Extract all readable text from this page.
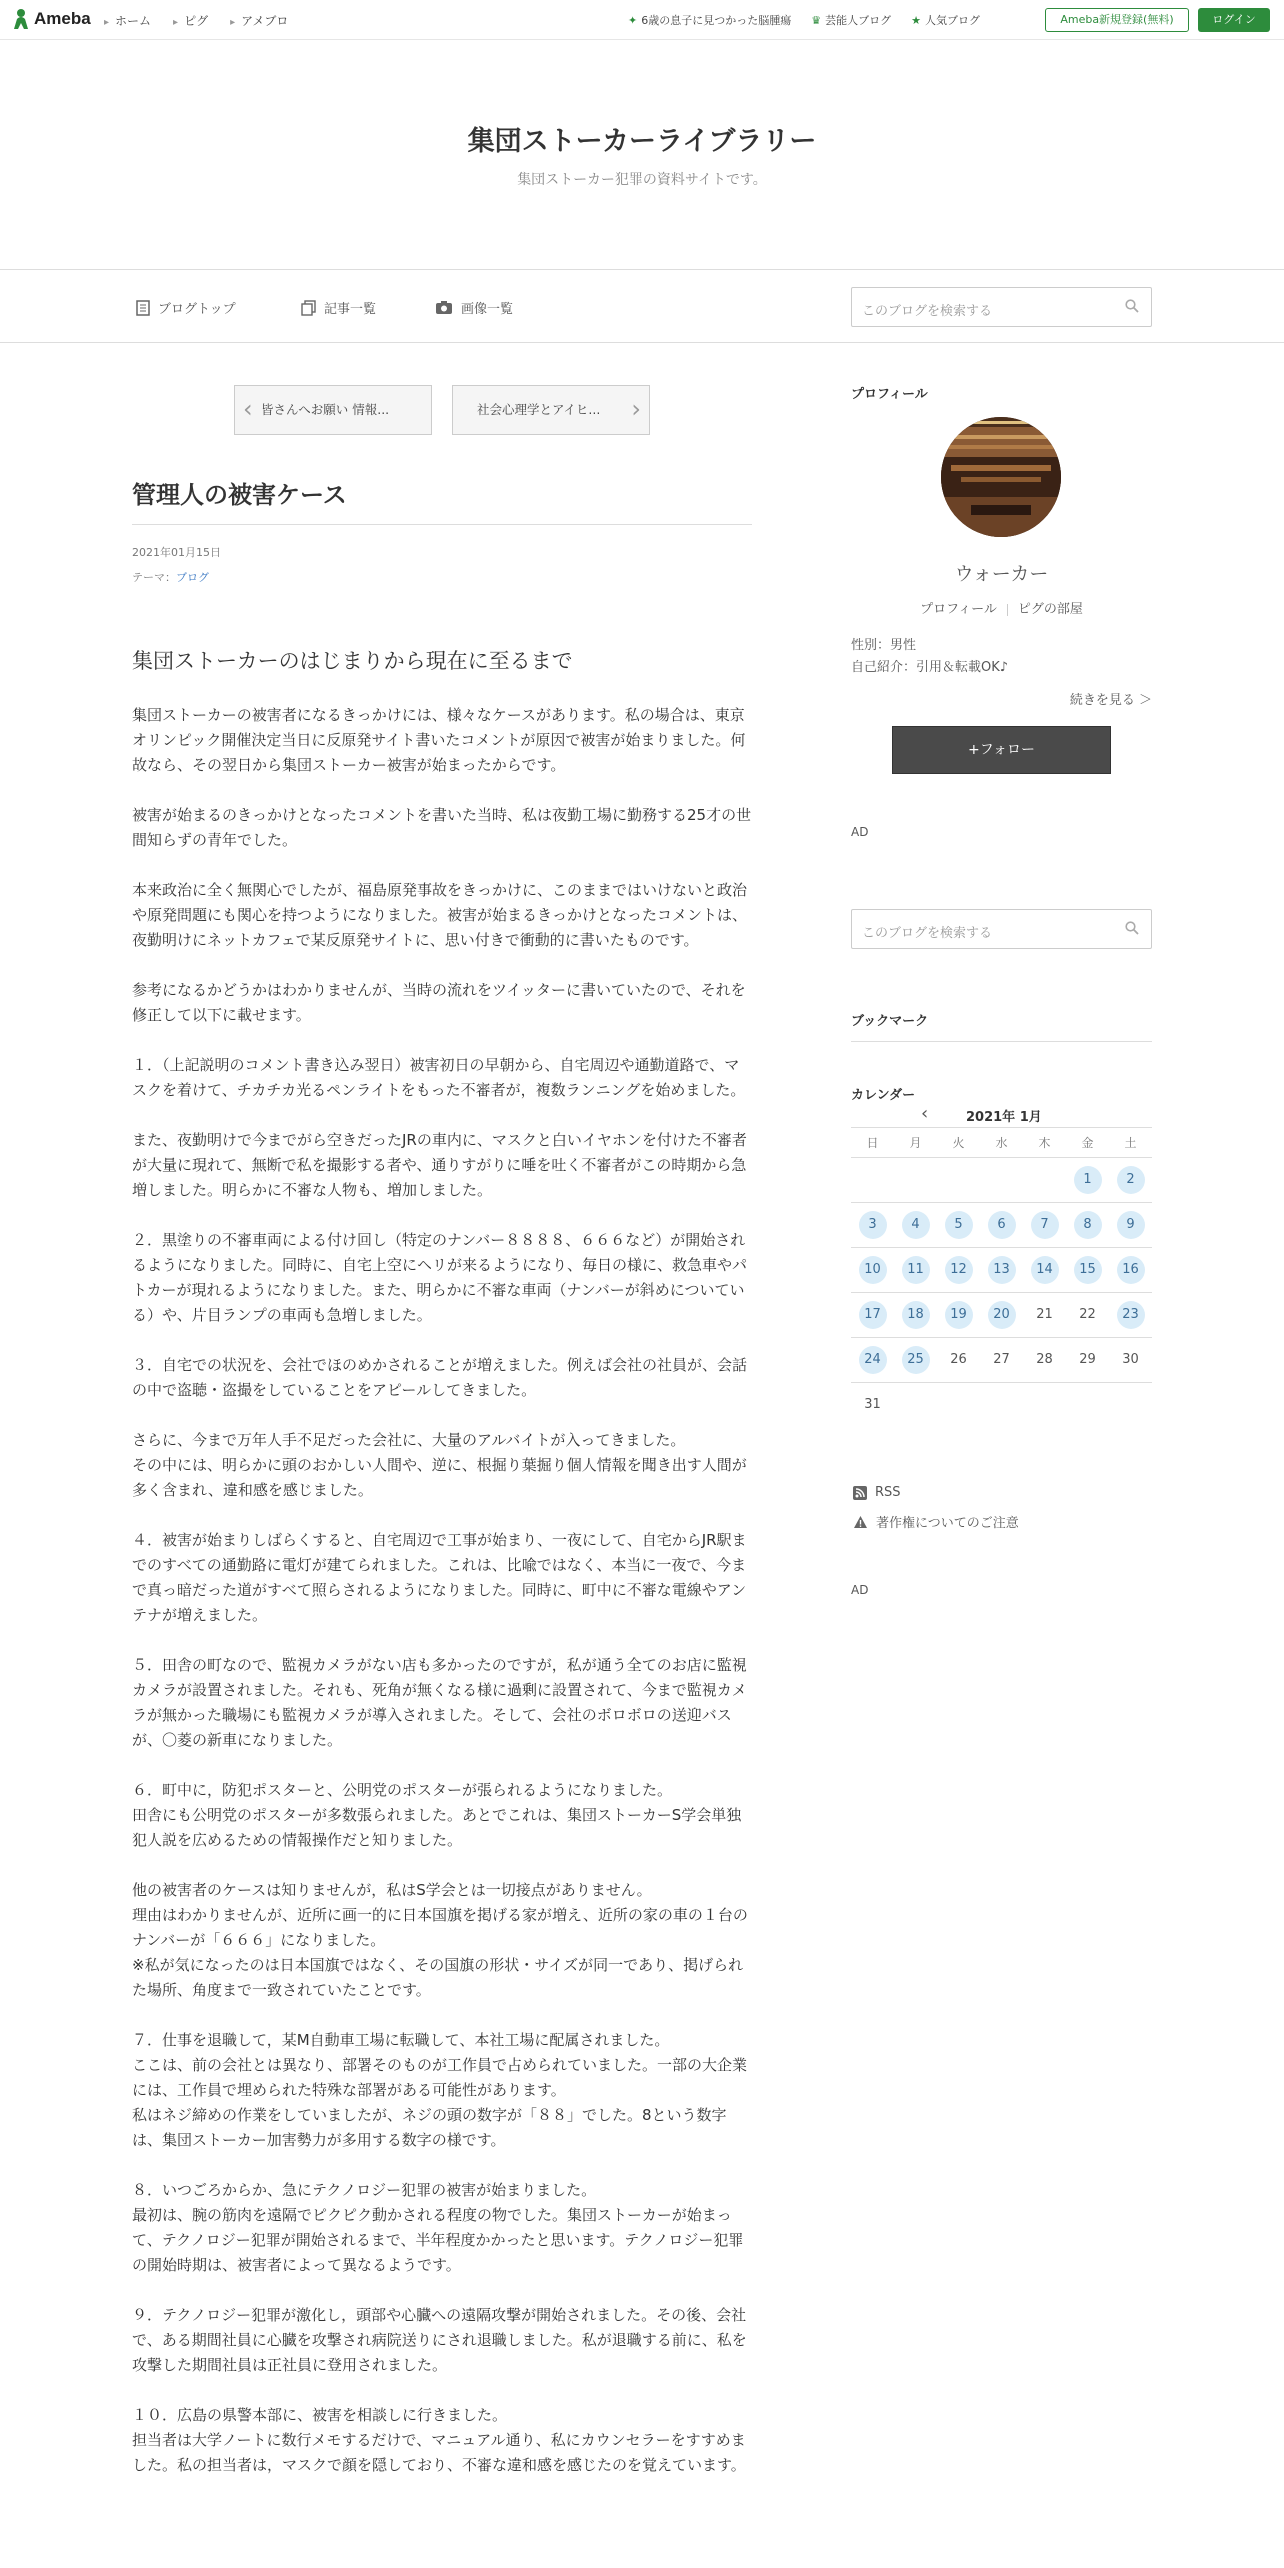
Ameba	▸ ホーム	▸ ピグ	▸ アメブロ	✦ 6歳の息子に見つかった脳腫瘍 ♛ 芸能人ブログ ★ 人気ブログ	Ameba新規登録(無料)	ログイン
集団ストーカーライブラリー
集団ストーカー犯罪の資料サイトです。
ブログトップ	記事一覧	画像一覧	このブログを検索する
‹ 皆さんへお願い 情報...	社会心理学とアイヒ... ›
管理人の被害ケース
2021年01月15日
テーマ：ブログ
集団ストーカーのはじまりから現在に至るまで

集団ストーカーの被害者になるきっかけには、様々なケースがあります。私の場合は、東京オリンピック開催決定当日に反原発サイト書いたコメントが原因で被害が始まりました。何故なら、その翌日から集団ストーカー被害が始まったからです。

被害が始まるのきっかけとなったコメントを書いた当時、私は夜勤工場に勤務する25才の世間知らずの青年でした。

本来政治に全く無関心でしたが、福島原発事故をきっかけに、このままではいけないと政治や原発問題にも関心を持つようになりました。被害が始まるきっかけとなったコメントは、夜勤明けにネットカフェで某反原発サイトに、思い付きで衝動的に書いたものです。

参考になるかどうかはわかりませんが、当時の流れをツイッターに書いていたので、それを修正して以下に載せます。

１．（上記説明のコメント書き込み翌日）被害初日の早朝から、自宅周辺や通勤道路で、マスクを着けて、チカチカ光るペンライトをもった不審者が，複数ランニングを始めました。

また、夜勤明けで今までがら空きだったJRの車内に、マスクと白いイヤホンを付けた不審者が大量に現れて、無断で私を撮影する者や、通りすがりに唾を吐く不審者がこの時期から急増しました。明らかに不審な人物も、増加しました。

２．黒塗りの不審車両による付け回し（特定のナンバー８８８８、６６６など）が開始されるようになりました。同時に、自宅上空にヘリが来るようになり、毎日の様に、救急車やパトカーが現れるようになりました。また、明らかに不審な車両（ナンバーが斜めについている）や、片目ランプの車両も急増しました。

３．自宅での状況を、会社でほのめかされることが増えました。例えば会社の社員が、会話の中で盗聴・盗撮をしていることをアピールしてきました。

さらに、今まで万年人手不足だった会社に、大量のアルバイトが入ってきました。
その中には、明らかに頭のおかしい人間や、逆に、根掘り葉掘り個人情報を聞き出す人間が多く含まれ、違和感を感じました。

４．被害が始まりしばらくすると、自宅周辺で工事が始まり、一夜にして、自宅からJR駅までのすべての通勤路に電灯が建てられました。これは、比喩ではなく、本当に一夜で、今まで真っ暗だった道がすべて照らされるようになりました。同時に、町中に不審な電線やアンテナが増えました。

５．田舎の町なので、監視カメラがない店も多かったのですが，私が通う全てのお店に監視カメラが設置されました。それも、死角が無くなる様に過剰に設置されて、今まで監視カメラが無かった職場にも監視カメラが導入されました。そして、会社のボロボロの送迎バスが、〇菱の新車になりました。

６．町中に，防犯ポスターと、公明党のポスターが張られるようになりました。
田舎にも公明党のポスターが多数張られました。あとでこれは、集団ストーカーS学会単独犯人説を広めるための情報操作だと知りました。

他の被害者のケースは知りませんが，私はS学会とは一切接点がありません。
理由はわかりませんが、近所に画一的に日本国旗を掲げる家が増え、近所の家の車の１台のナンバーが「６６６」になりました。
※私が気になったのは日本国旗ではなく、その国旗の形状・サイズが同一であり、掲げられた場所、角度まで一致されていたことです。

７．仕事を退職して，某M自動車工場に転職して、本社工場に配属されました。
ここは、前の会社とは異なり、部署そのものが工作員で占められていました。一部の大企業には、工作員で埋められた特殊な部署がある可能性があります。
私はネジ締めの作業をしていましたが、ネジの頭の数字が「８８」でした。8という数字は、集団ストーカー加害勢力が多用する数字の様です。

８．いつごろからか、急にテクノロジー犯罪の被害が始まりました。
最初は、腕の筋肉を遠隔でピクピク動かされる程度の物でした。集団ストーカーが始まって、テクノロジー犯罪が開始されるまで、半年程度かかったと思います。テクノロジー犯罪の開始時期は、被害者によって異なるようです。

９．テクノロジー犯罪が激化し，頭部や心臓への遠隔攻撃が開始されました。その後、会社で、ある期間社員に心臓を攻撃され病院送りにされ退職しました。私が退職する前に、私を攻撃した期間社員は正社員に登用されました。

１０．広島の県警本部に、被害を相談しに行きました。
担当者は大学ノートに数行メモするだけで、マニュアル通り、私にカウンセラーをすすめました。私の担当者は，マスクで顔を隠しており、不審な違和感を感じたのを覚えています。

プロフィール
ウォーカー
プロフィール ピグの部屋
性別：男性
自己紹介：引用＆転載OK♪
続きを見る ＞
+フォロー
AD
このブログを検索する
ブックマーク
カレンダー
‹	2021年 1月
日	月	火	水	木	金	土
					1	2
3	4	5	6	7	8	9
10	11	12	13	14	15	16
17	18	19	20	21	22	23
24	25	26	27	28	29	30
31						
RSS
著作権についてのご注意
AD
